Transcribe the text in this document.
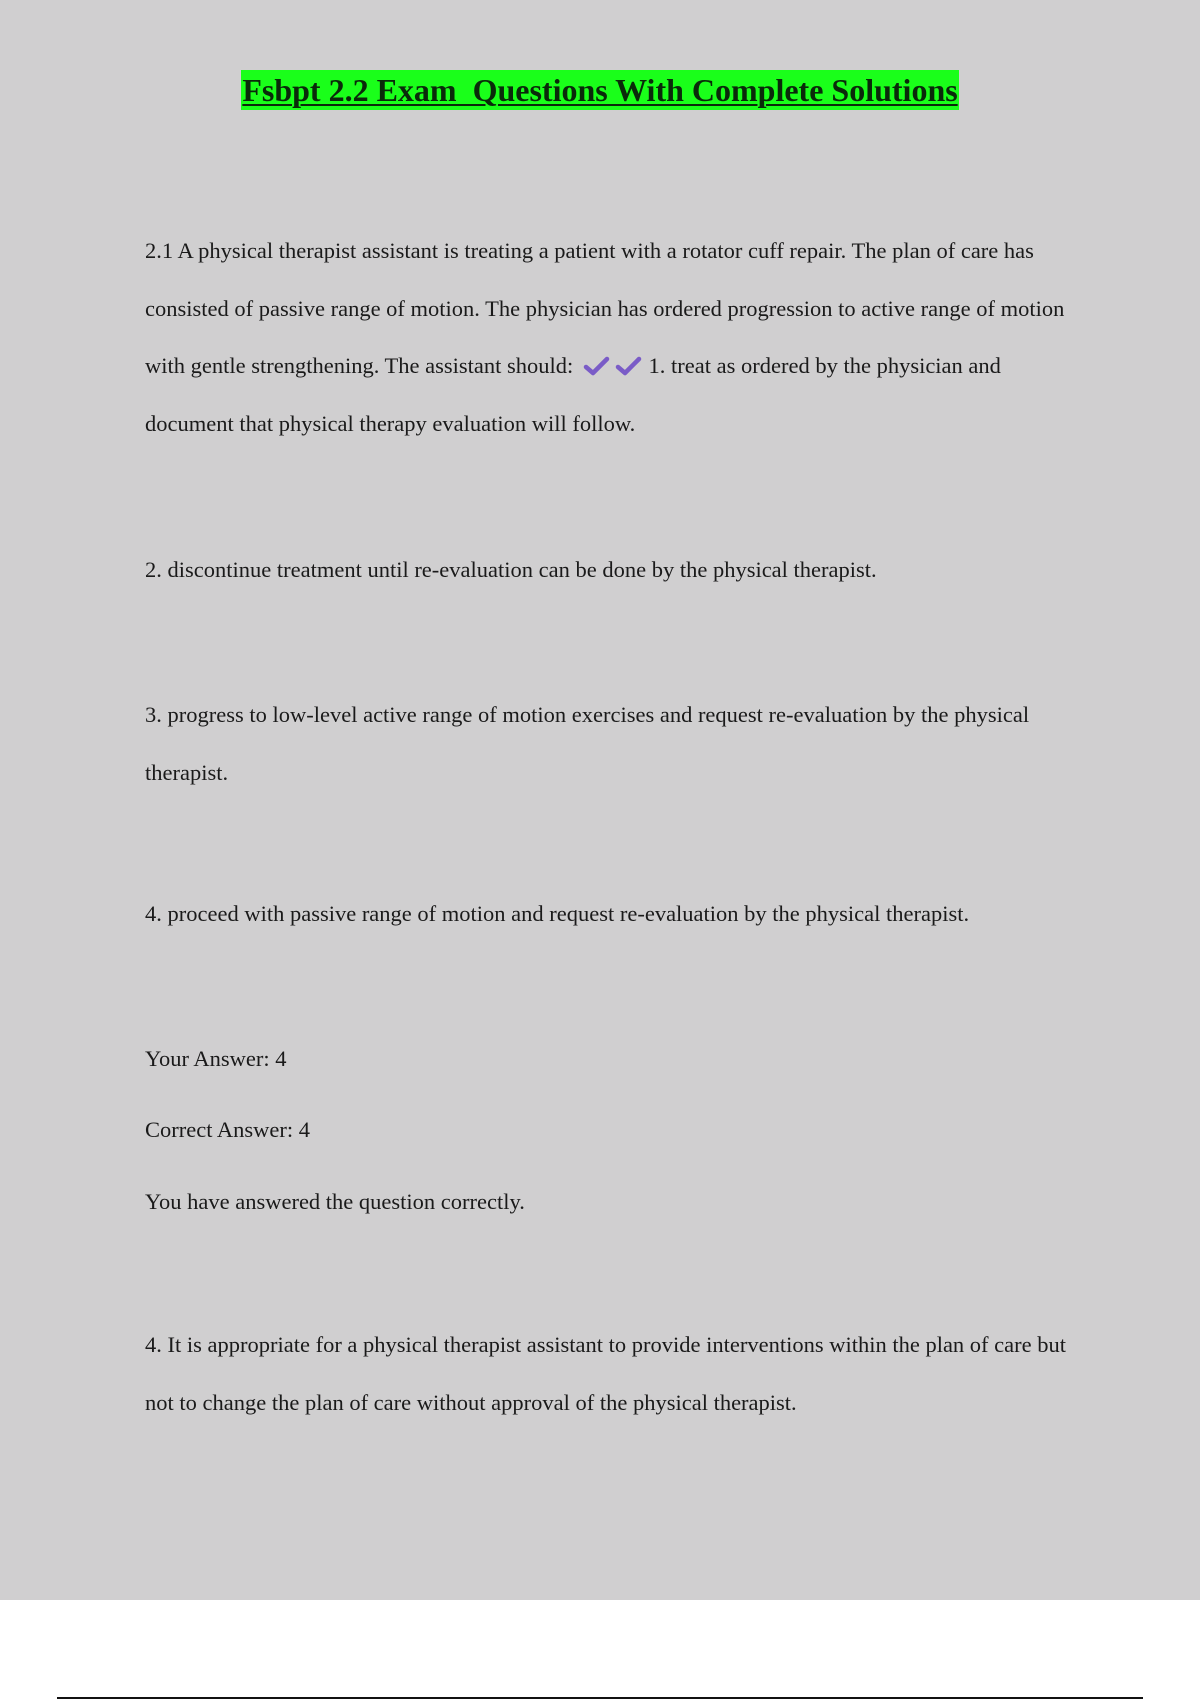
Fsbpt 2.2 Exam  Questions With Complete Solutions

2.1 A physical therapist assistant is treating a patient with a rotator cuff repair. The plan of care has consisted of passive range of motion. The physician has ordered progression to active range of motion with gentle strengthening. The assistant should:	1. treat as ordered by the physician and document that physical therapy evaluation will follow.

2. discontinue treatment until re-evaluation can be done by the physical therapist.

3. progress to low-level active range of motion exercises and request re-evaluation by the physical therapist.

4. proceed with passive range of motion and request re-evaluation by the physical therapist.

Your Answer: 4

Correct Answer: 4

You have answered the question correctly.

4. It is appropriate for a physical therapist assistant to provide interventions within the plan of care but not to change the plan of care without approval of the physical therapist.
